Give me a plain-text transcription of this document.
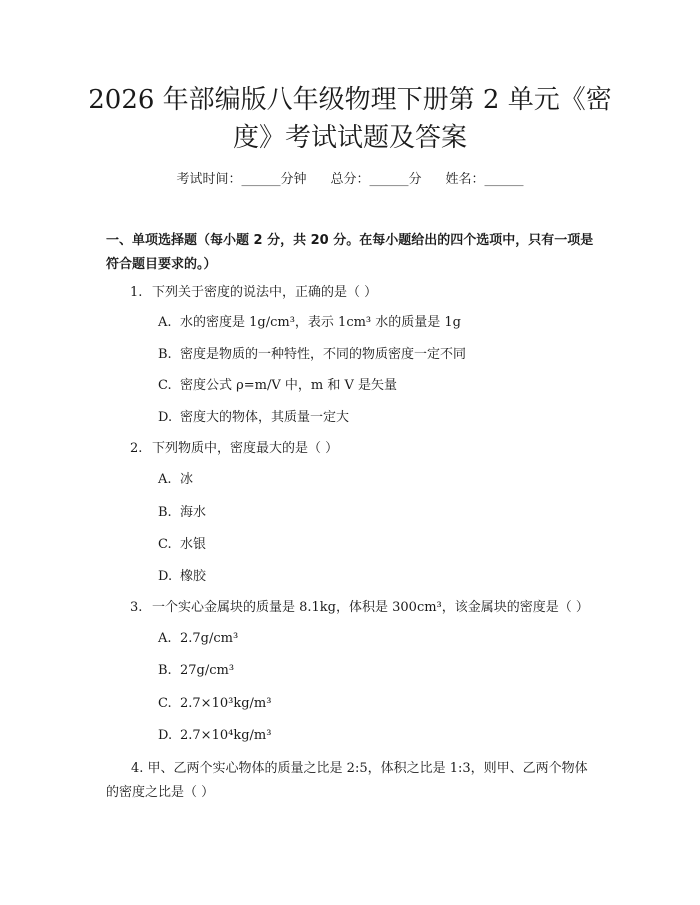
2026 年部编版八年级物理下册第 2 单元《密
度》考试试题及答案
考试时间：______分钟 总分：______分 姓名：______
一、单项选择题（每小题 2 分，共 20 分。在每小题给出的四个选项中，只有一项是符合题目要求的。）
1. 下列关于密度的说法中，正确的是（ ）
A. 水的密度是 1g/cm³，表示 1cm³ 水的质量是 1g
B. 密度是物质的一种特性，不同的物质密度一定不同
C. 密度公式 ρ=m/V 中，m 和 V 是矢量
D. 密度大的物体，其质量一定大
2. 下列物质中，密度最大的是（ ）
A. 冰
B. 海水
C. 水银
D. 橡胶
3. 一个实心金属块的质量是 8.1kg，体积是 300cm³，该金属块的密度是（ ）
A. 2.7g/cm³
B. 27g/cm³
C. 2.7×10³kg/m³
D. 2.7×10⁴kg/m³
4. 甲、乙两个实心物体的质量之比是 2:5，体积之比是 1:3，则甲、乙两个物体的密度之比是（ ）
